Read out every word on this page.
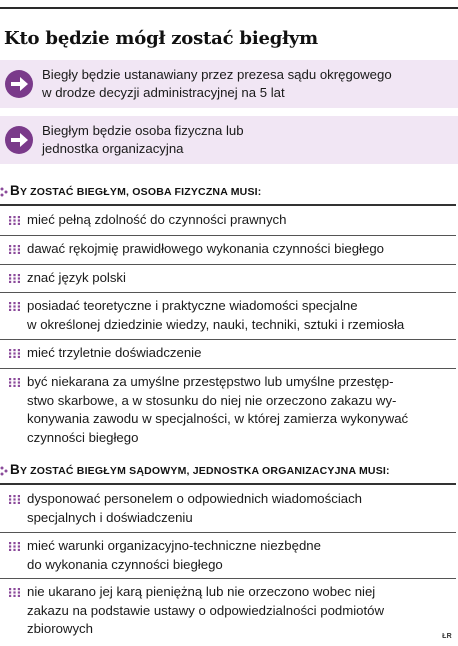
Kto będzie mógł zostać biegłym
Biegły będzie ustanawiany przez prezesa sądu okręgowego
w drodze decyzji administracyjnej na 5 lat
Biegłym będzie osoba fizyczna lub
jednostka organizacyjna
BY ZOSTAĆ BIEGŁYM, OSOBA FIZYCZNA MUSI:
mieć pełną zdolność do czynności prawnych
dawać rękojmię prawidłowego wykonania czynności biegłego
znać język polski
posiadać teoretyczne i praktyczne wiadomości specjalne
w określonej dziedzinie wiedzy, nauki, techniki, sztuki i rzemiosła
mieć trzyletnie doświadczenie
być niekarana za umyślne przestępstwo lub umyślne przestęp-
stwo skarbowe, a w stosunku do niej nie orzeczono zakazu wy-
konywania zawodu w specjalności, w której zamierza wykonywać
czynności biegłego
BY ZOSTAĆ BIEGŁYM SĄDOWYM, JEDNOSTKA ORGANIZACYJNA MUSI:
dysponować personelem o odpowiednich wiadomościach
specjalnych i doświadczeniu
mieć warunki organizacyjno-techniczne niezbędne
do wykonania czynności biegłego
nie ukarano jej karą pieniężną lub nie orzeczono wobec niej
zakazu na podstawie ustawy o odpowiedzialności podmiotów
zbiorowych
ŁR
